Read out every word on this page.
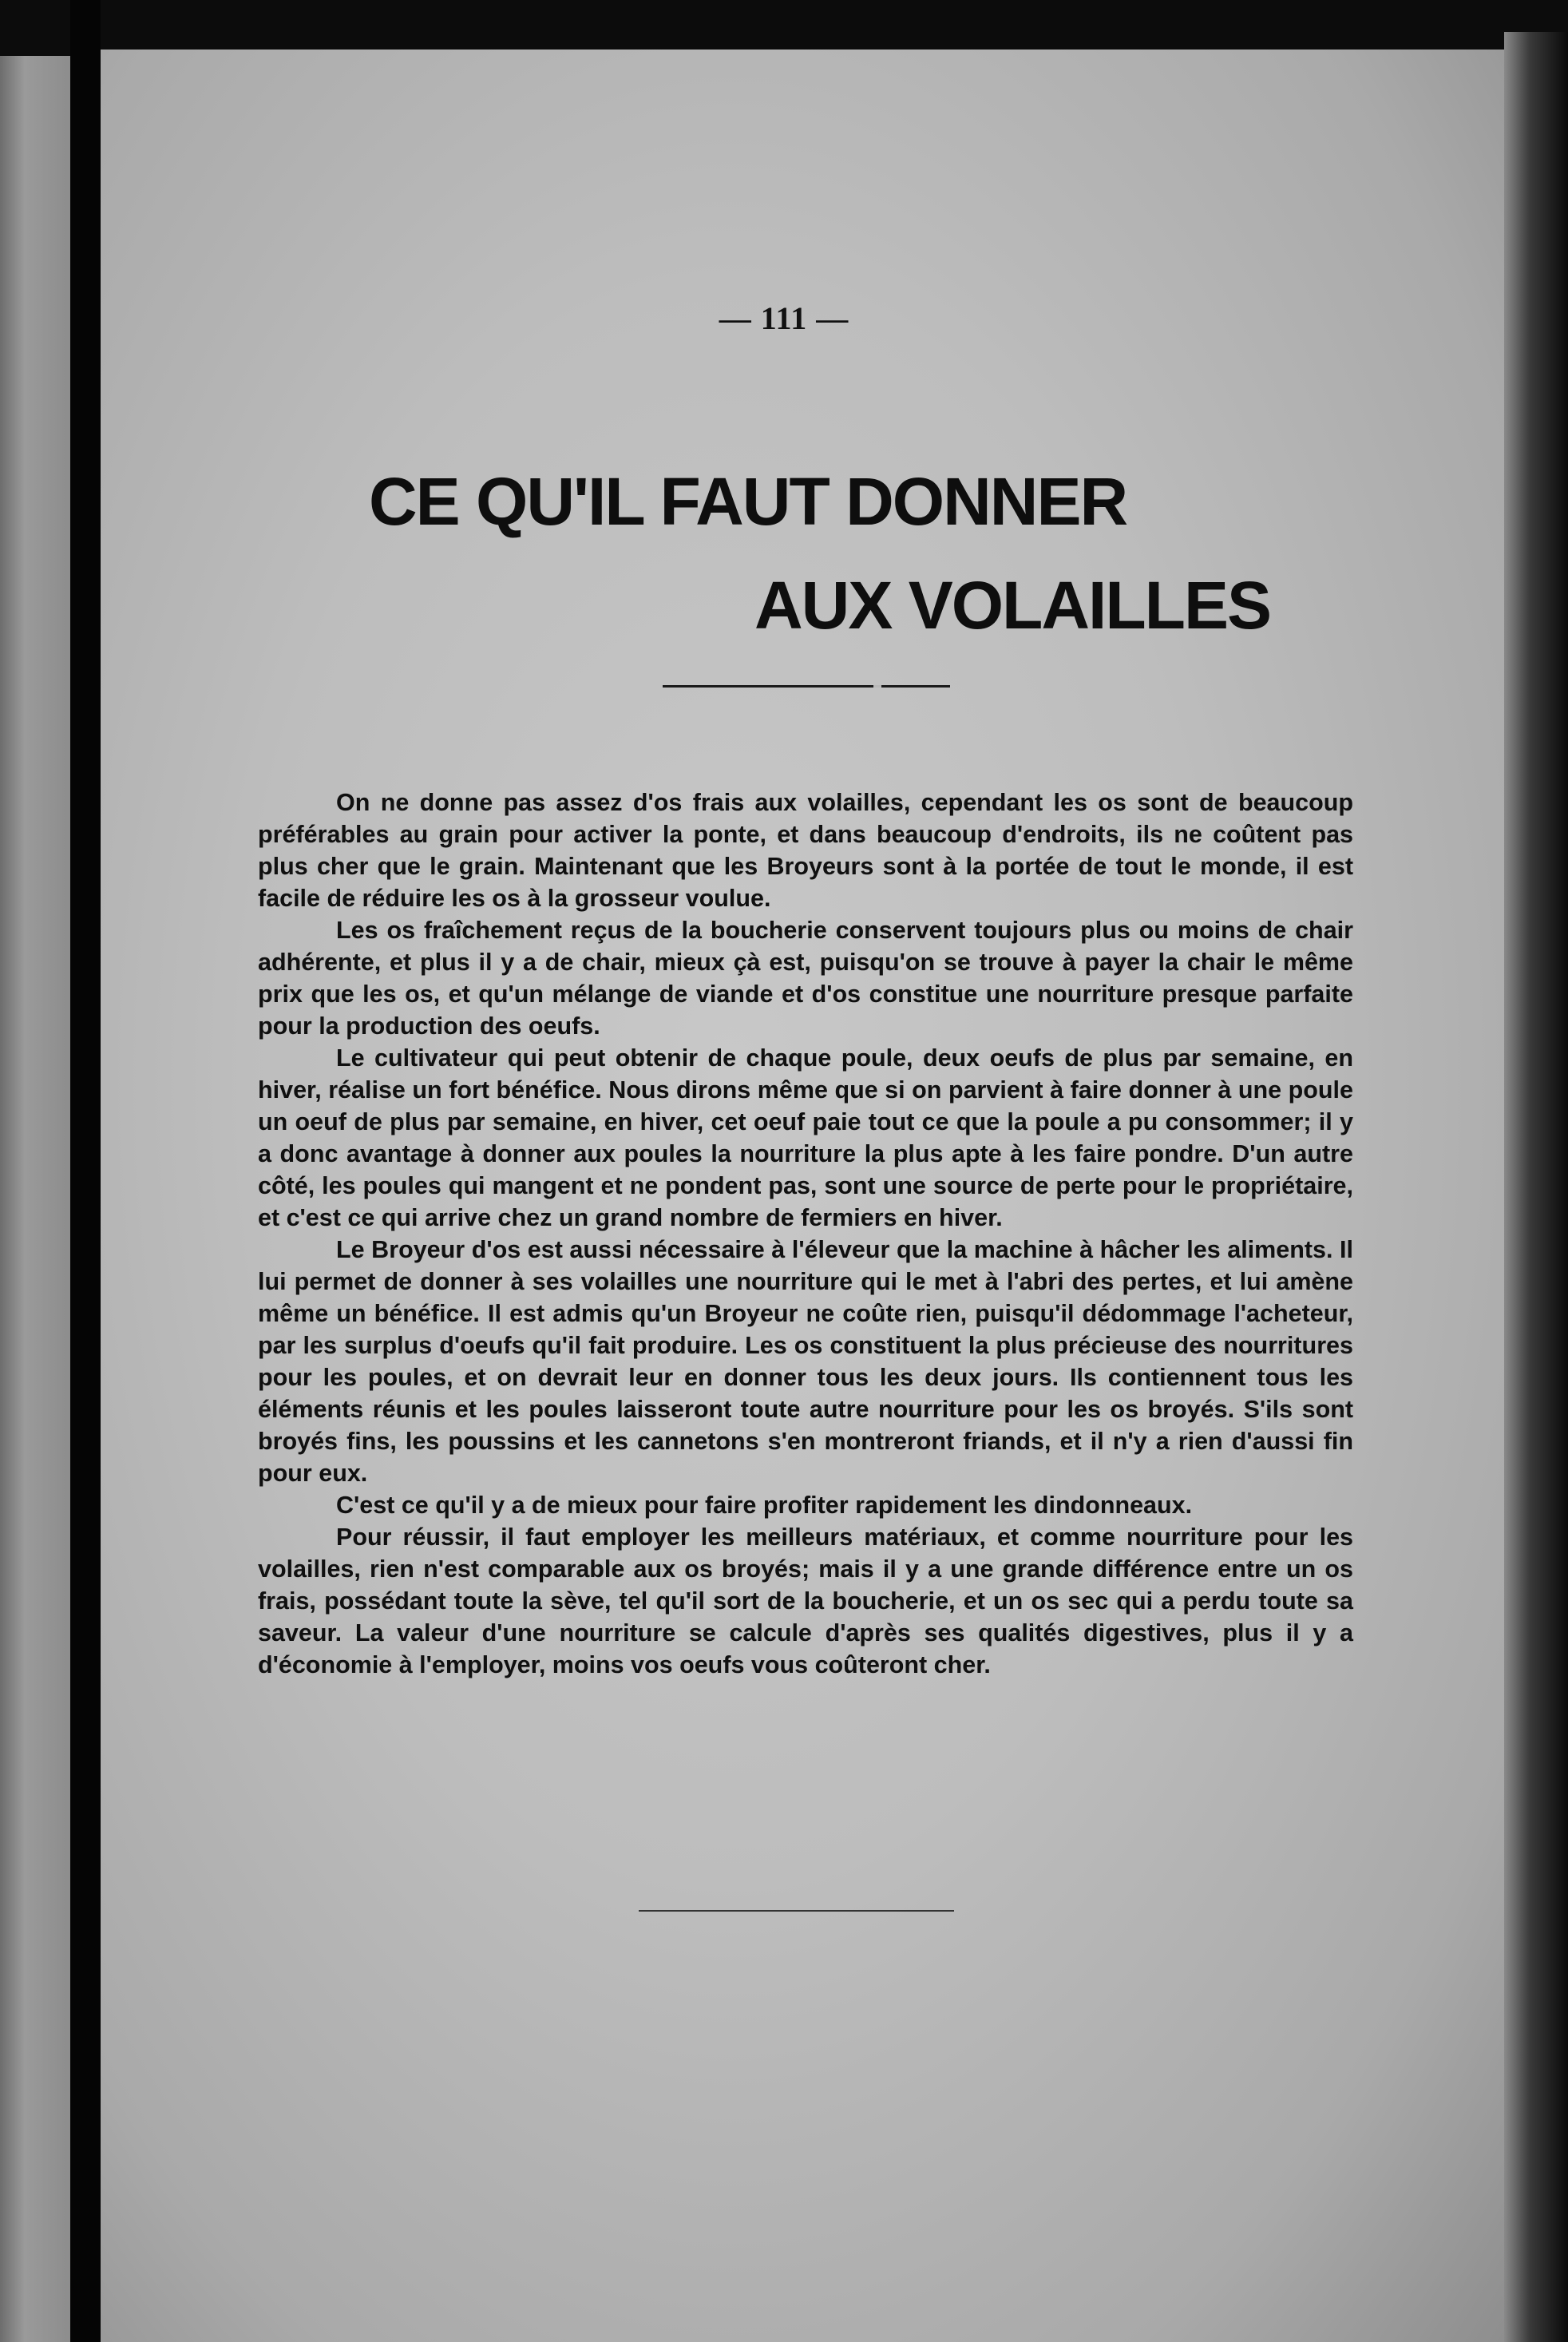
— 111 —
CE QU'IL FAUT DONNER
AUX VOLAILLES

On ne donne pas assez d'os frais aux volailles, cependant les os sont de beaucoup préférables au grain pour activer la ponte, et dans beaucoup d'endroits, ils ne coûtent pas plus cher que le grain. Maintenant que les Broyeurs sont à la portée de tout le monde, il est facile de réduire les os à la grosseur voulue.

Les os fraîchement reçus de la boucherie conservent toujours plus ou moins de chair adhérente, et plus il y a de chair, mieux çà est, puisqu'on se trouve à payer la chair le même prix que les os, et qu'un mélange de viande et d'os constitue une nourriture presque parfaite pour la production des oeufs.

Le cultivateur qui peut obtenir de chaque poule, deux oeufs de plus par semaine, en hiver, réalise un fort bénéfice. Nous dirons même que si on parvient à faire donner à une poule un oeuf de plus par semaine, en hiver, cet oeuf paie tout ce que la poule a pu consommer; il y a donc avantage à donner aux poules la nourriture la plus apte à les faire pondre. D'un autre côté, les poules qui mangent et ne pondent pas, sont une source de perte pour le propriétaire, et c'est ce qui arrive chez un grand nombre de fermiers en hiver.

Le Broyeur d'os est aussi nécessaire à l'éleveur que la machine à hâcher les aliments. Il lui permet de donner à ses volailles une nourriture qui le met à l'abri des pertes, et lui amène même un bénéfice. Il est admis qu'un Broyeur ne coûte rien, puisqu'il dédommage l'acheteur, par les surplus d'oeufs qu'il fait produire. Les os constituent la plus précieuse des nourritures pour les poules, et on devrait leur en donner tous les deux jours. Ils contiennent tous les éléments réunis et les poules laisseront toute autre nourriture pour les os broyés. S'ils sont broyés fins, les poussins et les cannetons s'en montreront friands, et il n'y a rien d'aussi fin pour eux.

C'est ce qu'il y a de mieux pour faire profiter rapidement les dindonneaux.

Pour réussir, il faut employer les meilleurs matériaux, et comme nourriture pour les volailles, rien n'est comparable aux os broyés; mais il y a une grande différence entre un os frais, possédant toute la sève, tel qu'il sort de la boucherie, et un os sec qui a perdu toute sa saveur. La valeur d'une nourriture se calcule d'après ses qualités digestives, plus il y a d'économie à l'employer, moins vos oeufs vous coûteront cher.
